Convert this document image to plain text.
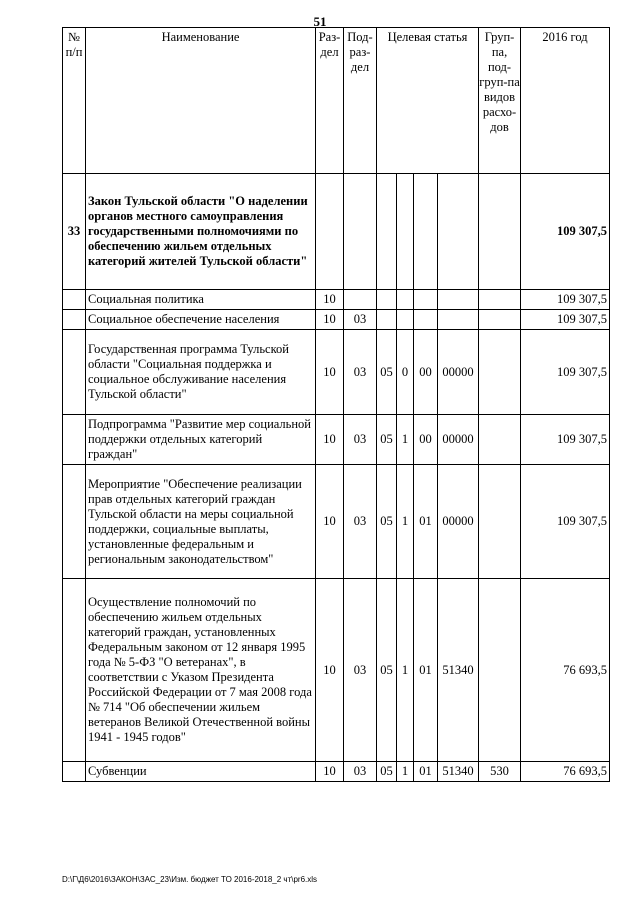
51
№ п/п	Наименование	Раз-дел	Под-раз-дел	Целевая статья				Груп-па, под-груп-па видов расхо-дов	2016 год
33	Закон Тульской области "О наделении органов местного самоуправления государственными полномочиями по обеспечению жильем отдельных категорий жителей Тульской области"								109 307,5
	Социальная политика	10							109 307,5
	Социальное обеспечение населения	10	03						109 307,5
	Государственная программа Тульской области "Социальная поддержка и социальное обслуживание населения Тульской области"	10	03	05	0	00	00000		109 307,5
	Подпрограмма "Развитие мер социальной поддержки отдельных категорий граждан"	10	03	05	1	00	00000		109 307,5
	Мероприятие "Обеспечение реализации прав отдельных категорий граждан Тульской области на меры социальной поддержки, социальные выплаты, установленные федеральным и региональным законодательством"	10	03	05	1	01	00000		109 307,5
	Осуществление полномочий по обеспечению жильем отдельных категорий граждан, установленных Федеральным законом от 12 января 1995 года № 5-ФЗ "О ветеранах", в соответствии с Указом Президента Российской Федерации от 7 мая 2008 года № 714 "Об обеспечении жильем ветеранов Великой Отечественной войны 1941 - 1945 годов"	10	03	05	1	01	51340		76 693,5
	Субвенции	10	03	05	1	01	51340	530	76 693,5
D:\Г\Д6\2016\ЗАКОН\ЗАС_23\Изм. бюджет ТО 2016-2018_2 чт\pr6.xls
